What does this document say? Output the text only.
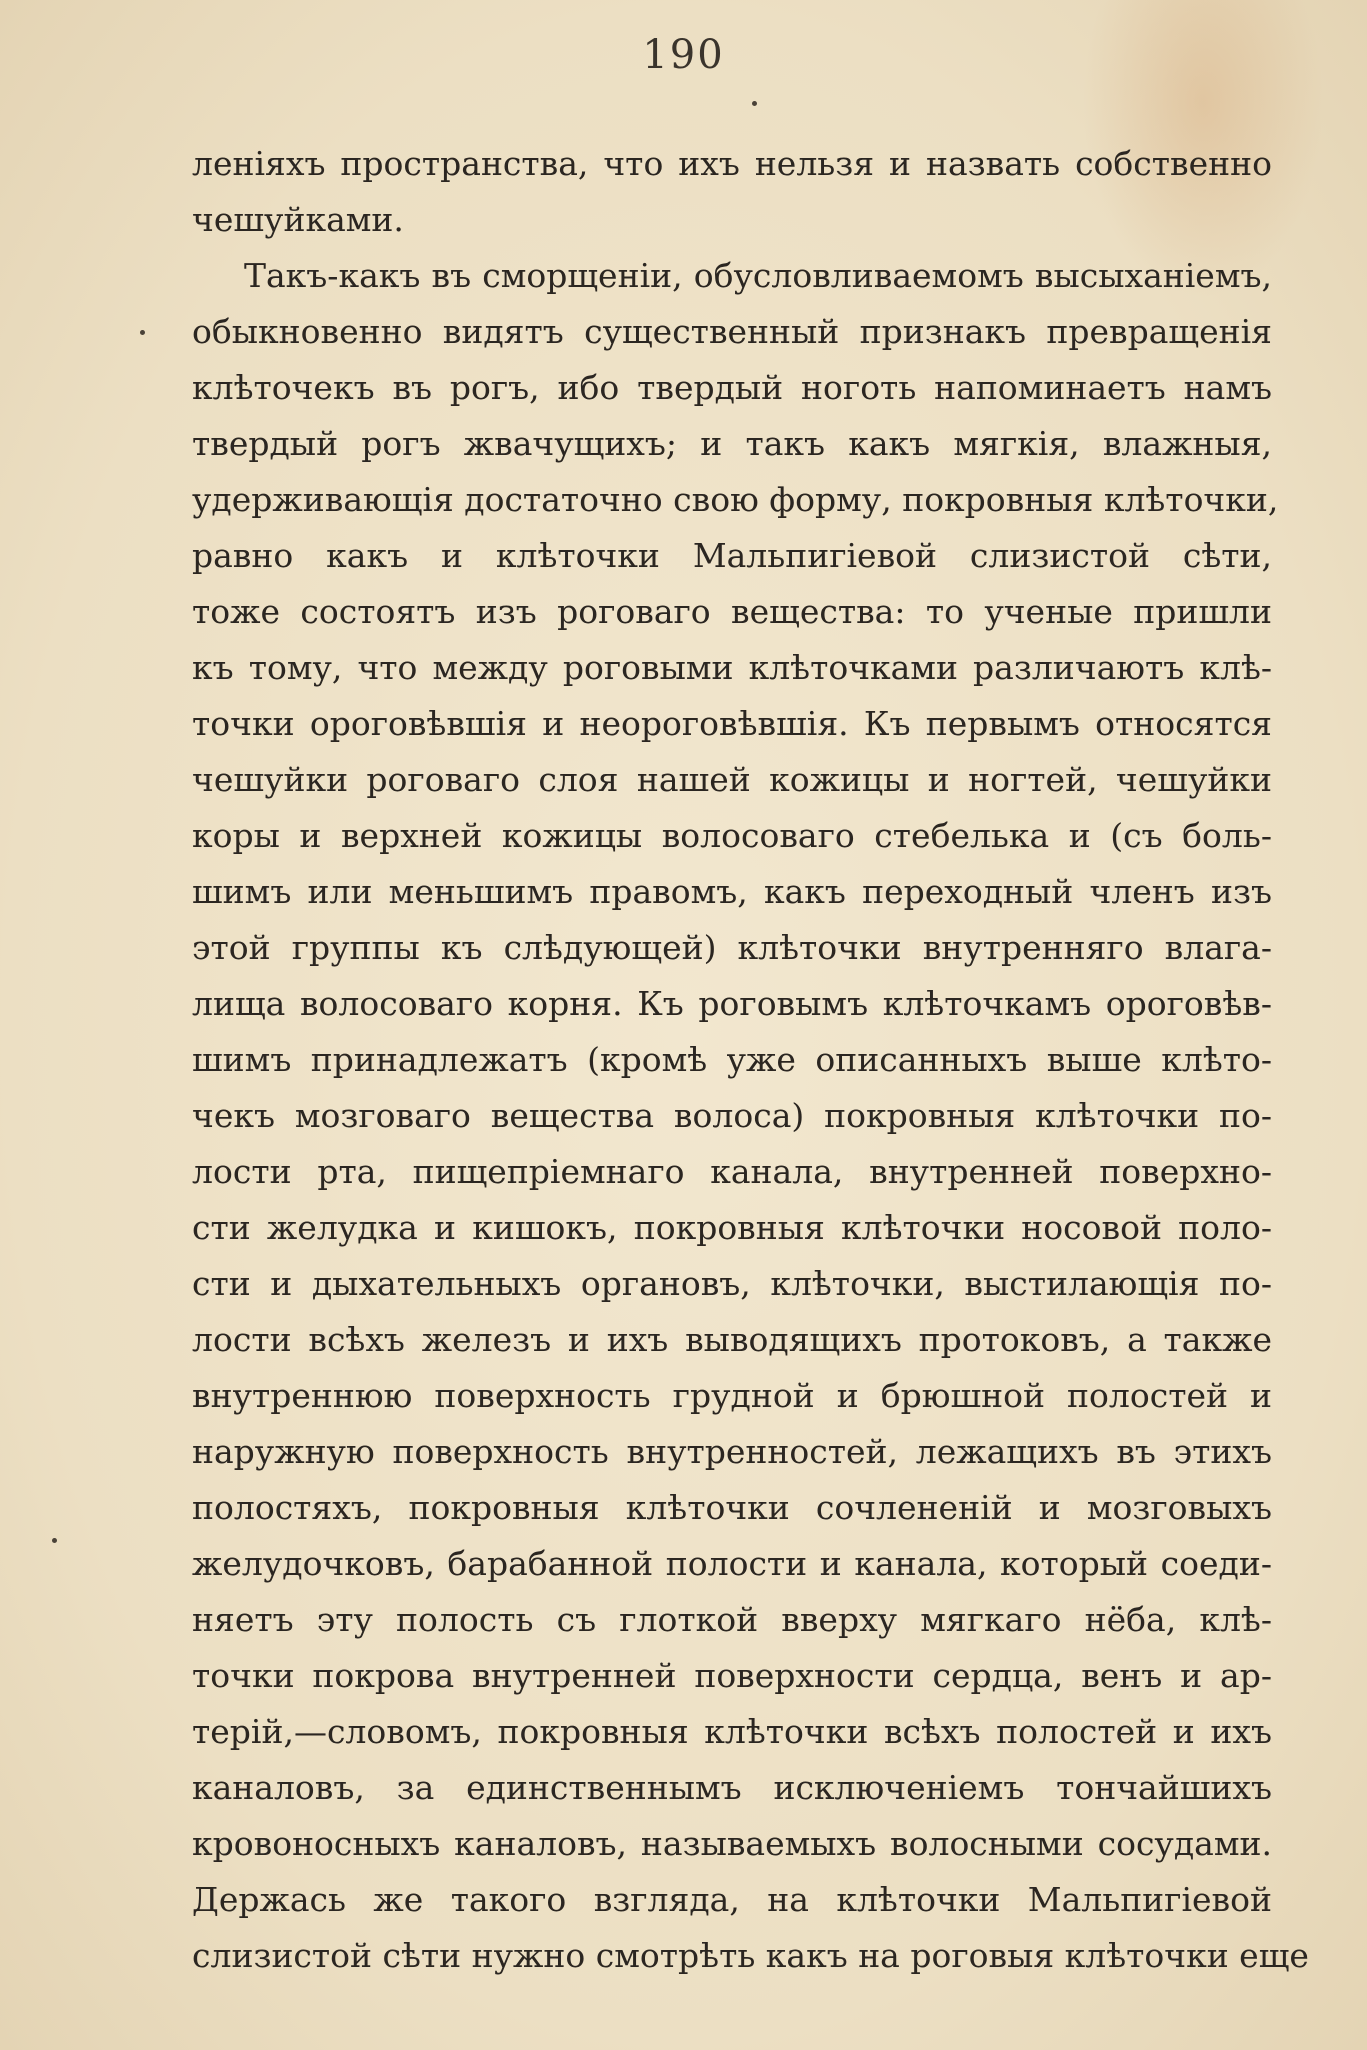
190
леніяхъ пространства, что ихъ нельзя и назвать собственно
чешуйками.
Такъ-какъ въ сморщеніи, обусловливаемомъ высыханіемъ,
обыкновенно видятъ существенный признакъ превращенія
клѣточекъ въ рогъ, ибо твердый ноготь напоминаетъ намъ
твердый рогъ жвачущихъ; и такъ какъ мягкія, влажныя,
удерживающія достаточно свою форму, покровныя клѣточки,
равно какъ и клѣточки Мальпигіевой слизистой сѣти,
тоже состоятъ изъ роговаго вещества: то ученые пришли
къ тому, что между роговыми клѣточками различаютъ клѣ-
точки ороговѣвшія и неороговѣвшія. Къ первымъ относятся
чешуйки роговаго слоя нашей кожицы и ногтей, чешуйки
коры и верхней кожицы волосоваго стебелька и (съ боль-
шимъ или меньшимъ правомъ, какъ переходный членъ изъ
этой группы къ слѣдующей) клѣточки внутренняго влага-
лища волосоваго корня. Къ роговымъ клѣточкамъ ороговѣв-
шимъ принадлежатъ (кромѣ уже описанныхъ выше клѣто-
чекъ мозговаго вещества волоса) покровныя клѣточки по-
лости рта, пищепріемнаго канала, внутренней поверхно-
сти желудка и кишокъ, покровныя клѣточки носовой поло-
сти и дыхательныхъ органовъ, клѣточки, выстилающія по-
лости всѣхъ железъ и ихъ выводящихъ протоковъ, а также
внутреннюю поверхность грудной и брюшной полостей и
наружную поверхность внутренностей, лежащихъ въ этихъ
полостяхъ, покровныя клѣточки сочлененій и мозговыхъ
желудочковъ, барабанной полости и канала, который соеди-
няетъ эту полость съ глоткой вверху мягкаго нёба, клѣ-
точки покрова внутренней поверхности сердца, венъ и ар-
терій,—словомъ, покровныя клѣточки всѣхъ полостей и ихъ
каналовъ, за единственнымъ исключеніемъ тончайшихъ
кровоносныхъ каналовъ, называемыхъ волосными сосудами.
Держась же такого взгляда, на клѣточки Мальпигіевой
слизистой сѣти нужно смотрѣть какъ на роговыя клѣточки еще
